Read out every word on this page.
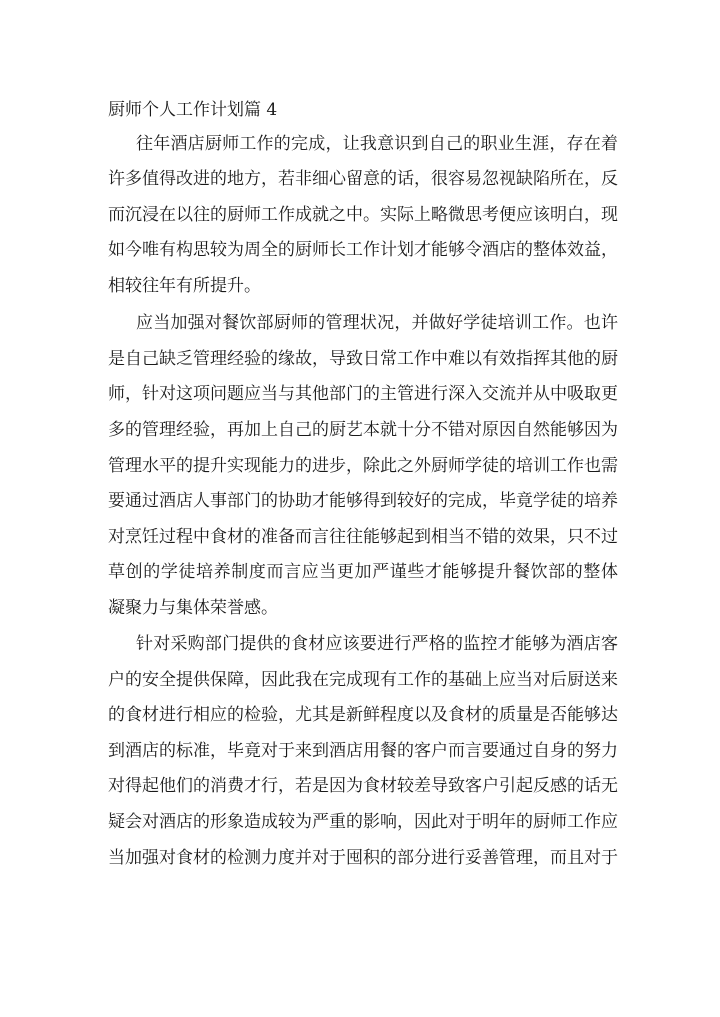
厨师个人工作计划篇 4

往年酒店厨师工作的完成，让我意识到自己的职业生涯，存在着

许多值得改进的地方，若非细心留意的话，很容易忽视缺陷所在，反

而沉浸在以往的厨师工作成就之中。实际上略微思考便应该明白，现

如今唯有构思较为周全的厨师长工作计划才能够令酒店的整体效益，

相较往年有所提升。

应当加强对餐饮部厨师的管理状况，并做好学徒培训工作。也许

是自己缺乏管理经验的缘故，导致日常工作中难以有效指挥其他的厨

师，针对这项问题应当与其他部门的主管进行深入交流并从中吸取更

多的管理经验，再加上自己的厨艺本就十分不错对原因自然能够因为

管理水平的提升实现能力的进步，除此之外厨师学徒的培训工作也需

要通过酒店人事部门的协助才能够得到较好的完成，毕竟学徒的培养

对烹饪过程中食材的准备而言往往能够起到相当不错的效果，只不过

草创的学徒培养制度而言应当更加严谨些才能够提升餐饮部的整体

凝聚力与集体荣誉感。

针对采购部门提供的食材应该要进行严格的监控才能够为酒店客

户的安全提供保障，因此我在完成现有工作的基础上应当对后厨送来

的食材进行相应的检验，尤其是新鲜程度以及食材的质量是否能够达

到酒店的标准，毕竟对于来到酒店用餐的客户而言要通过自身的努力

对得起他们的消费才行，若是因为食材较差导致客户引起反感的话无

疑会对酒店的形象造成较为严重的影响，因此对于明年的厨师工作应

当加强对食材的检测力度并对于囤积的部分进行妥善管理，而且对于
